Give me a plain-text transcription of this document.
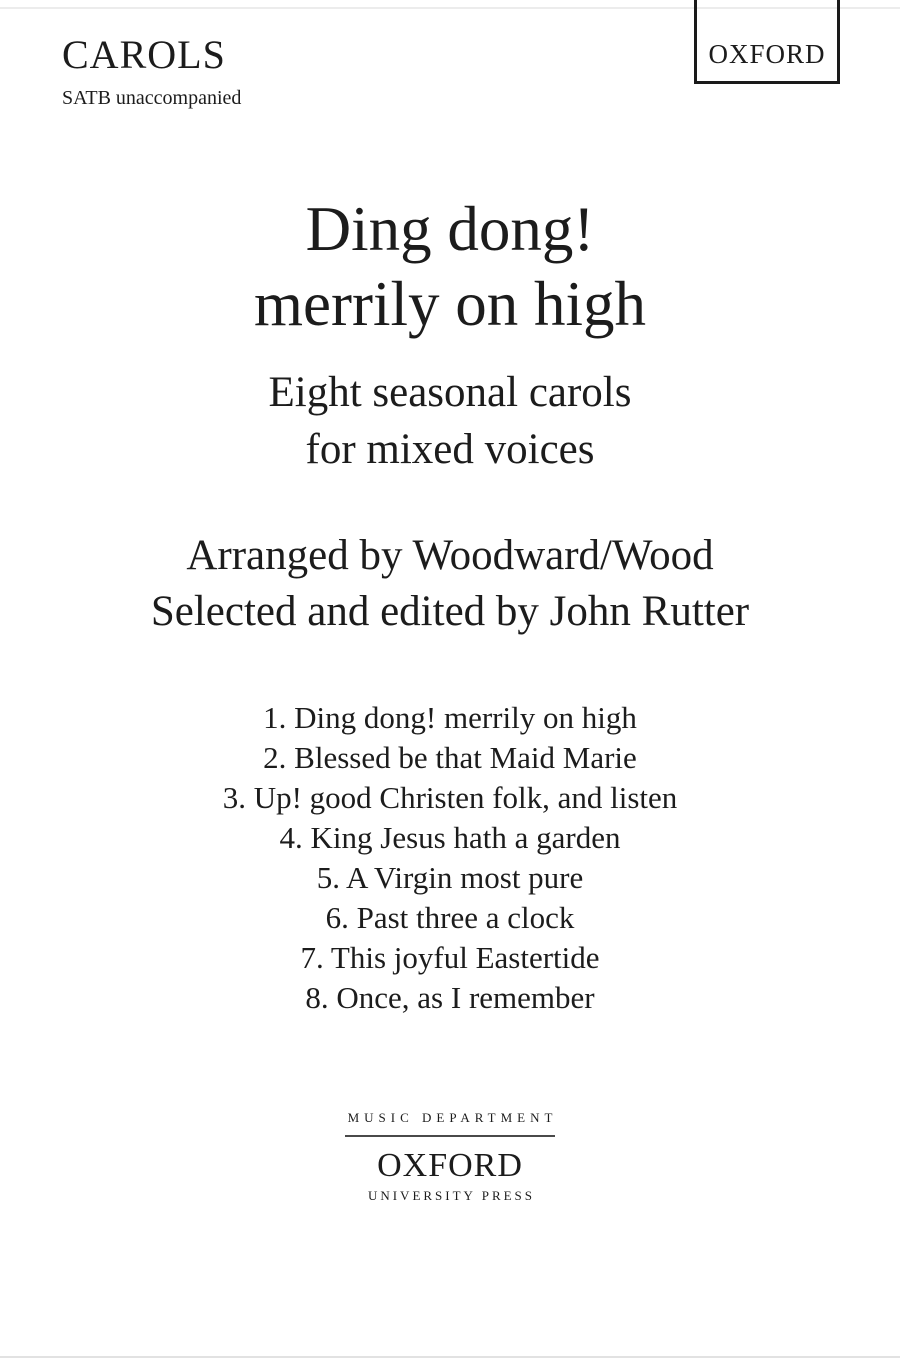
CAROLS
SATB unaccompanied
OXFORD
Ding dong!
merrily on high
Eight seasonal carols
for mixed voices
Arranged by Woodward/Wood
Selected and edited by John Rutter
1. Ding dong! merrily on high
2. Blessed be that Maid Marie
3. Up! good Christen folk, and listen
4. King Jesus hath a garden
5. A Virgin most pure
6. Past three a clock
7. This joyful Eastertide
8. Once, as I remember
MUSIC DEPARTMENT
OXFORD
UNIVERSITY PRESS
